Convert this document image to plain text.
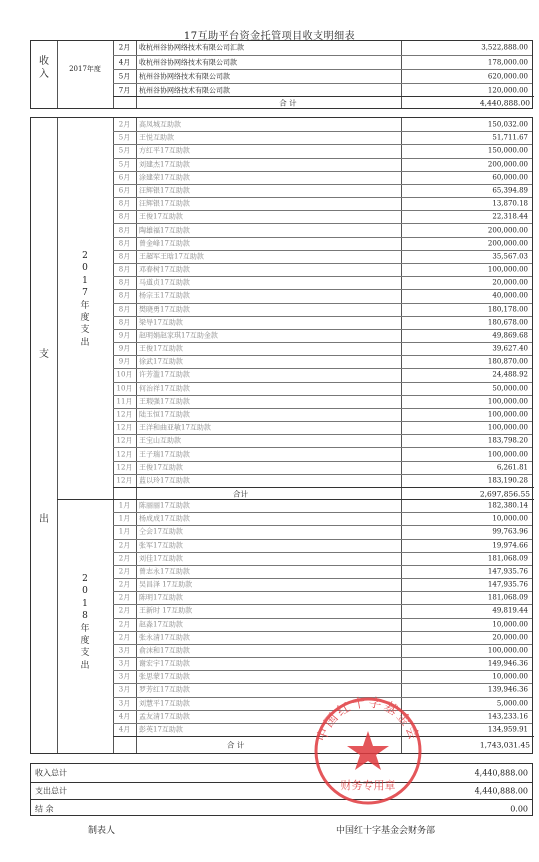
17互助平台资金托管项目收支明细表
收入	2017年度
2月	收杭州谷协网络技术有限公司汇款	3,522,888.00
4月	收杭州谷协网络技术有限公司款	178,000.00
5月	杭州谷协网络技术有限公司款	620,000.00
7月	杭州谷协网络技术有限公司款	120,000.00
合 计	4,440,888.00
支
出
2
0
1
7
年
度
支
出
2月	高凤城互助款	150,032.00
5月	王悦互助款	51,711.67
5月	方红平17互助款	150,000.00
5月	刘建杰17互助款	200,000.00
6月	涂建荣17互助款	60,000.00
6月	汪辉银17互助款	65,394.89
8月	汪辉银17互助款	13,870.18
8月	王俊17互助款	22,318.44
8月	陶雄福17互助款	200,000.00
8月	曾金峰17互助款	200,000.00
8月	王超军王晗17互助款	35,567.03
8月	邓春树17互助款	100,000.00
8月	马道贞17互助款	20,000.00
8月	杨宗玉17互助款	40,000.00
8月	樊晓勇17互助款	180,178.00
8月	梁导17互助款	180,678.00
9月	赵明娟赵家琪17互助金款	49,869.68
9月	王俊17互助款	39,627.40
9月	徐武17互助款	180,870.00
10月 许芳滥17互助款	24,488.92
10月 何治祥17互助款	50,000.00
11月 王瑕强17互助款	100,000.00
12月 陆玉恒17互助款	100,000.00
12月 王洋和曲亚敏17互助款	100,000.00
12月 王宝山互助款	183,798.20
12月 王子瑞17互助款	100,000.00
12月 王俊17互助款	6,261.81
12月 蓝以玲17互助款	183,190.28
合计	2,697,856.55
2
0
1
8
年
度
支
出
1月	陈丽丽17互助款	182,380.14
1月	杨成成17互助款	10,000.00
1月	仝会17互助款	99,763.96
2月	张军17互助款	19,974.66
2月	刘佳17互助款	181,068.09
2月	曾志永17互助款	147,935.76
2月	吴昌泽 17互助款	147,935.76
2月	陈明17互助款	181,068.09
2月	王新时 17互助款	49,819.44
2月	赵淼17互助款	10,000.00
2月	张永清17互助款	20,000.00
3月	俞沫和17互助款	100,000.00
3月	谢宏宇17互助款	149,946.36
3月	张思蒙17互助款	10,000.00
3月	罗芳红17互助款	139,946.36
3月	刘慧平17互助款	5,000.00
4月	孟友清17互助款	143,233.16
4月	彭英17互助款	134,959.91
合 计	1,743,031.45
收入总计	4,440,888.00
支出总计	4,440,888.00
结 余	0.00
制表人	中国红十字基金会财务部
中国红十字基金会
财务专用章
